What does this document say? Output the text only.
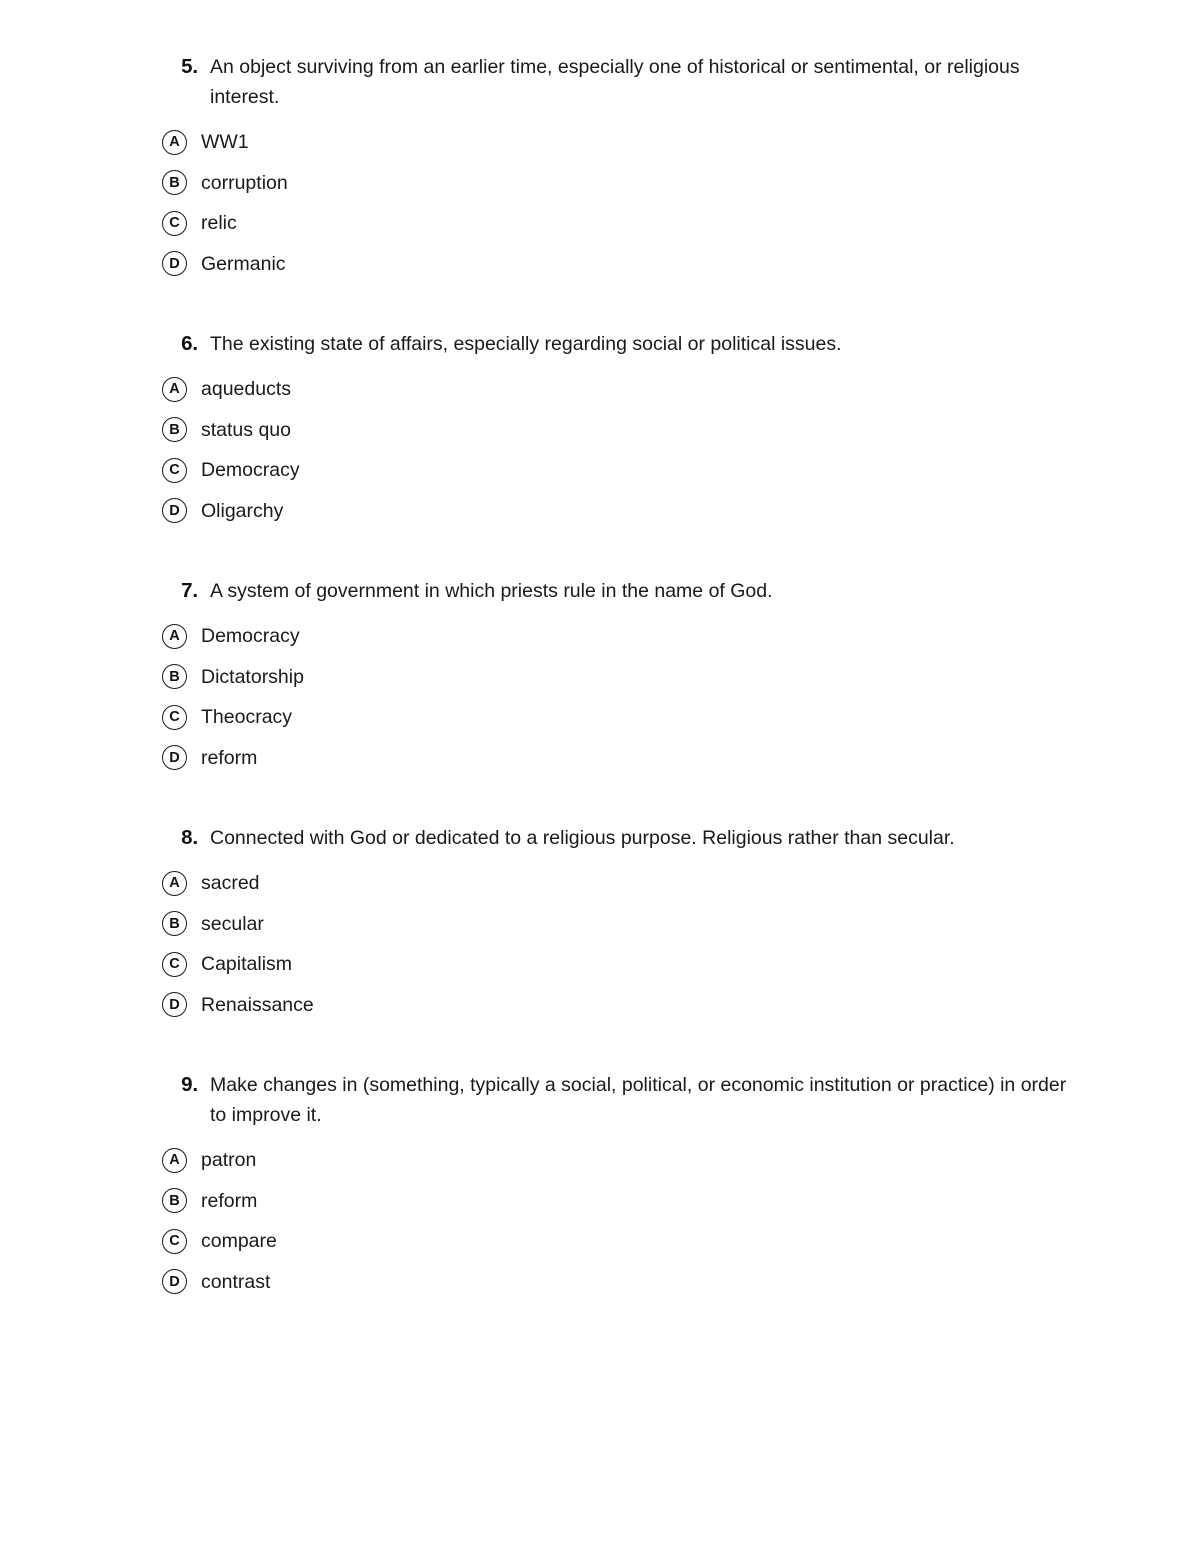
5. An object surviving from an earlier time, especially one of historical or sentimental, or religious interest.
A	WW1
B	corruption
C	relic
D	Germanic
6. The existing state of affairs, especially regarding social or political issues.
A	aqueducts
B	status quo
C	Democracy
D	Oligarchy
7. A system of government in which priests rule in the name of God.
A	Democracy
B	Dictatorship
C	Theocracy
D	reform
8. Connected with God or dedicated to a religious purpose. Religious rather than secular.
A	sacred
B	secular
C	Capitalism
D	Renaissance
9. Make changes in (something, typically a social, political, or economic institution or practice) in order to improve it.
A	patron
B	reform
C	compare
D	contrast
